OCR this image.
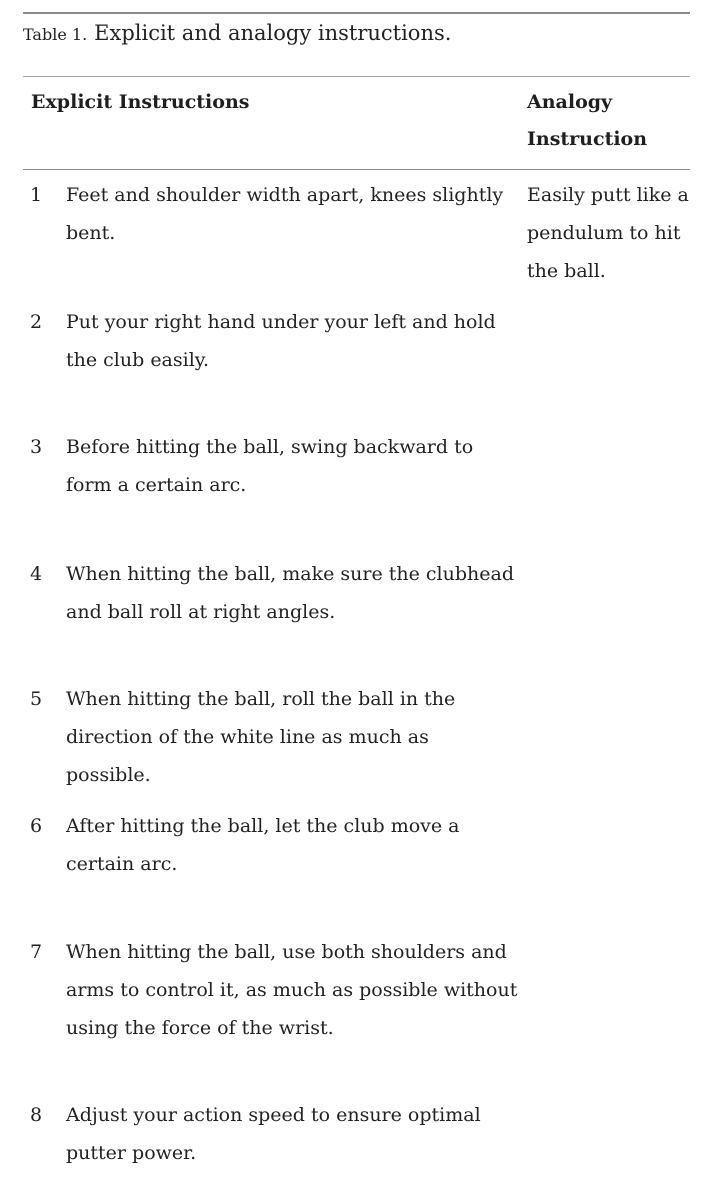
Table 1. Explicit and analogy instructions.
Explicit Instructions	Analogy Instruction
1 Feet and shoulder width apart, knees slightly bent.
Easily putt like a pendulum to hit the ball.
2 Put your right hand under your left and hold the club easily.
3 Before hitting the ball, swing backward to form a certain arc.
4 When hitting the ball, make sure the clubhead and ball roll at right angles.
5 When hitting the ball, roll the ball in the direction of the white line as much as possible.
6 After hitting the ball, let the club move a certain arc.
7 When hitting the ball, use both shoulders and arms to control it, as much as possible without using the force of the wrist.
8 Adjust your action speed to ensure optimal putter power.
